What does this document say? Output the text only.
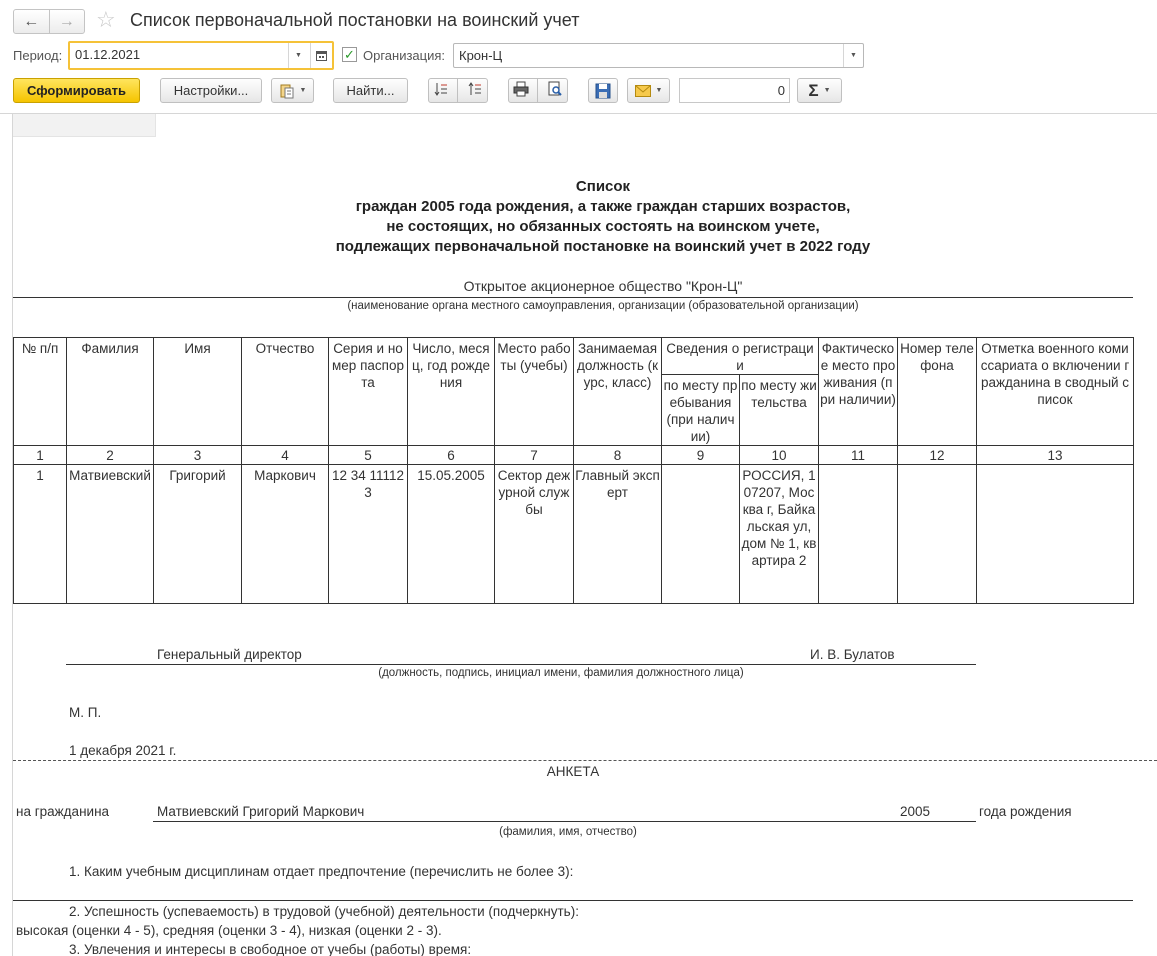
← → ☆ Список первоначальной постановки на воинский учет
Период: 01.12.2021	▼	✓ Организация: Крон-Ц	▼
Сформировать	Настройки...	▼	Найти...	▼	0 Σ ▼
Список
граждан 2005 года рождения, а также граждан старших возрастов,
не состоящих, но обязанных состоять на воинском учете,
подлежащих первоначальной постановке на воинский учет в 2022 году
Открытое акционерное общество "Крон-Ц"
(наименование органа местного самоуправления, организации (образовательной организации)
№ п/п	Фамилия	Имя	Отчество	Серия и номер паспорта	Число, месяц, год рождения	Место работы (учебы)	Занимаемая должность (курс, класс)	Сведения о регистрации		Фактическое место проживания (при наличии)	Номер телефона	Отметка военного комиссариата о включении гражданина в сводный список
								по месту пребывания (при наличии)	по месту жительства			
1	2	3	4	5	6	7	8	9	10	11	12	13
1	Матвиевский	Григорий	Маркович	12 34 111123	15.05.2005	Сектор дежурной службы	Главный эксперт		РОССИЯ, 107207, Москва г, Байкальская ул, дом № 1, квартира 2			
Генеральный директор	И. В. Булатов
(должность, подпись, инициал имени, фамилия должностного лица)
М. П.
1 декабря 2021 г.
АНКЕТА
на гражданина	Матвиевский Григорий Маркович	2005	года рождения
(фамилия, имя, отчество)
1. Каким учебным дисциплинам отдает предпочтение (перечислить не более 3):
2. Успешность (успеваемость) в трудовой (учебной) деятельности (подчеркнуть):
высокая (оценки 4 - 5), средняя (оценки 3 - 4), низкая (оценки 2 - 3).
3. Увлечения и интересы в свободное от учебы (работы) время:
